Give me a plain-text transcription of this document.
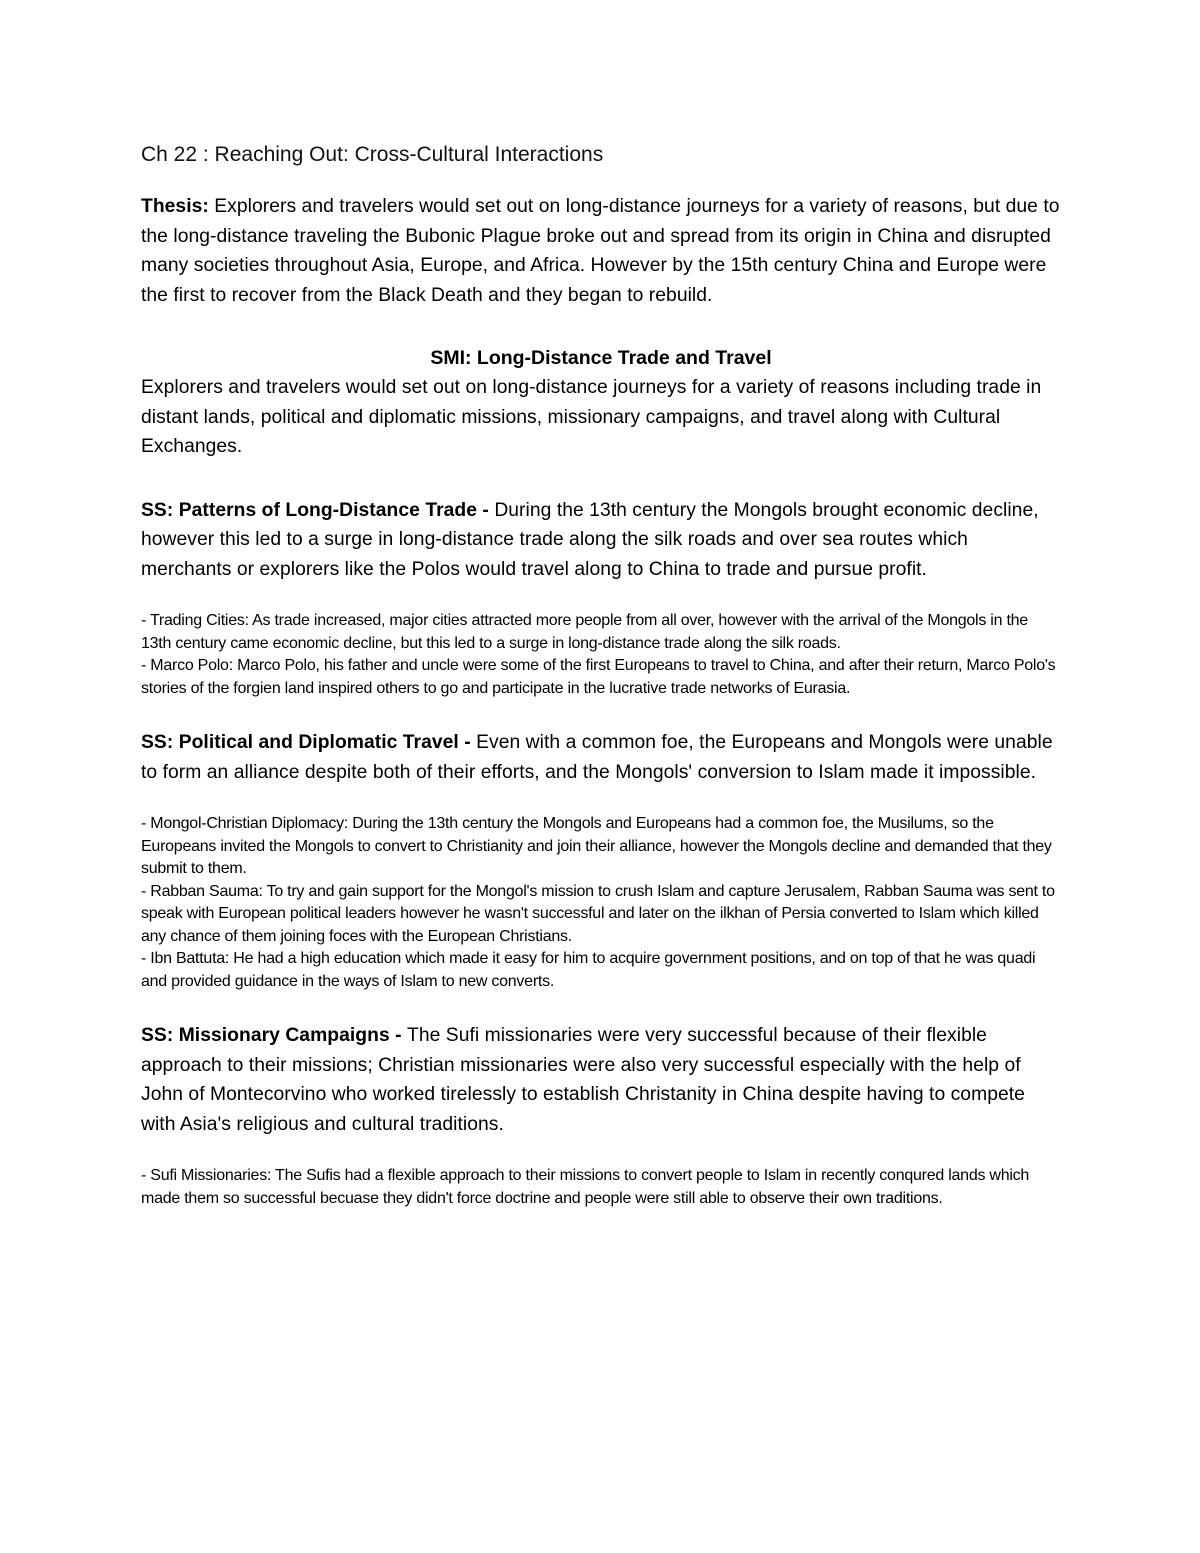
Ch 22 : Reaching Out: Cross-Cultural Interactions

Thesis: Explorers and travelers would set out on long-distance journeys for a variety of reasons, but due to the long-distance traveling the Bubonic Plague broke out and spread from its origin in China and disrupted many societies throughout Asia, Europe, and Africa. However by the 15th century China and Europe were the first to recover from the Black Death and they began to rebuild.

SMI: Long-Distance Trade and Travel

Explorers and travelers would set out on long-distance journeys for a variety of reasons including trade in distant lands, political and diplomatic missions, missionary campaigns, and travel along with Cultural Exchanges.

SS: Patterns of Long-Distance Trade - During the 13th century the Mongols brought economic decline, however this led to a surge in long-distance trade along the silk roads and over sea routes which merchants or explorers like the Polos would travel along to China to trade and pursue profit.

- Trading Cities: As trade increased, major cities attracted more people from all over, however with the arrival of the Mongols in the 13th century came economic decline, but this led to a surge in long-distance trade along the silk roads.

- Marco Polo: Marco Polo, his father and uncle were some of the first Europeans to travel to China, and after their return, Marco Polo's stories of the forgien land inspired others to go and participate in the lucrative trade networks of Eurasia.

SS: Political and Diplomatic Travel - Even with a common foe, the Europeans and Mongols were unable to form an alliance despite both of their efforts, and the Mongols' conversion to Islam made it impossible.

- Mongol-Christian Diplomacy: During the 13th century the Mongols and Europeans had a common foe, the Musilums, so the Europeans invited the Mongols to convert to Christianity and join their alliance, however the Mongols decline and demanded that they submit to them.

- Rabban Sauma: To try and gain support for the Mongol's mission to crush Islam and capture Jerusalem, Rabban Sauma was sent to speak with European political leaders however he wasn't successful and later on the ilkhan of Persia converted to Islam which killed any chance of them joining foces with the European Christians.

- Ibn Battuta: He had a high education which made it easy for him to acquire government positions, and on top of that he was quadi and provided guidance in the ways of Islam to new converts.

SS: Missionary Campaigns - The Sufi missionaries were very successful because of their flexible approach to their missions; Christian missionaries were also very successful especially with the help of John of Montecorvino who worked tirelessly to establish Christanity in China despite having to compete with Asia's religious and cultural traditions.

- Sufi Missionaries: The Sufis had a flexible approach to their missions to convert people to Islam in recently conqured lands which made them so successful becuase they didn't force doctrine and people were still able to observe their own traditions.
